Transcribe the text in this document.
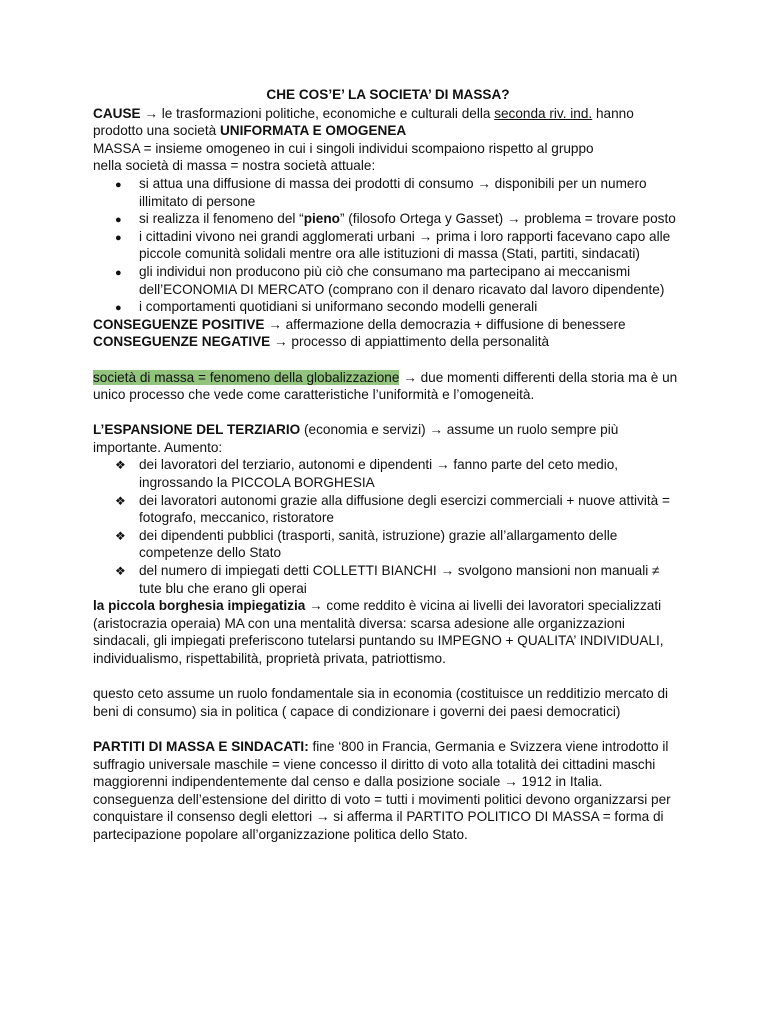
CHE COS’E’ LA SOCIETA’ DI MASSA?

CAUSE → le trasformazioni politiche, economiche e culturali della seconda riv. ind. hanno prodotto una società UNIFORMATA E OMOGENEA

MASSA = insieme omogeneo in cui i singoli individui scompaiono rispetto al gruppo

nella società di massa = nostra società attuale:

●
si attua una diffusione di massa dei prodotti di consumo → disponibili per un numero illimitato di persone
●
si realizza il fenomeno del “pieno” (filosofo Ortega y Gasset) → problema = trovare posto
●
i cittadini vivono nei grandi agglomerati urbani → prima i loro rapporti facevano capo alle piccole comunità solidali mentre ora alle istituzioni di massa (Stati, partiti, sindacati)
●
gli individui non producono più ciò che consumano ma partecipano ai meccanismi dell’ECONOMIA DI MERCATO (comprano con il denaro ricavato dal lavoro dipendente)
●
i comportamenti quotidiani si uniformano secondo modelli generali

CONSEGUENZE POSITIVE → affermazione della democrazia + diffusione di benessere

CONSEGUENZE NEGATIVE → processo di appiattimento della personalità

società di massa = fenomeno della globalizzazione → due momenti differenti della storia ma è un unico processo che vede come caratteristiche l’uniformità e l’omogeneità.

L’ESPANSIONE DEL TERZIARIO (economia e servizi) → assume un ruolo sempre più importante. Aumento:

❖
dei lavoratori del terziario, autonomi e dipendenti → fanno parte del ceto medio, ingrossando la PICCOLA BORGHESIA
❖
dei lavoratori autonomi grazie alla diffusione degli esercizi commerciali + nuove attività = fotografo, meccanico, ristoratore
❖
dei dipendenti pubblici (trasporti, sanità, istruzione) grazie all’allargamento delle competenze dello Stato
❖
del numero di impiegati detti COLLETTI BIANCHI → svolgono mansioni non manuali ≠ tute blu che erano gli operai

la piccola borghesia impiegatizia → come reddito è vicina ai livelli dei lavoratori specializzati (aristocrazia operaia) MA con una mentalità diversa: scarsa adesione alle organizzazioni sindacali, gli impiegati preferiscono tutelarsi puntando su IMPEGNO + QUALITA’ INDIVIDUALI, individualismo, rispettabilità, proprietà privata, patriottismo.

questo ceto assume un ruolo fondamentale sia in economia (costituisce un redditizio mercato di beni di consumo) sia in politica ( capace di condizionare i governi dei paesi democratici)

PARTITI DI MASSA E SINDACATI: fine ‘800 in Francia, Germania e Svizzera viene introdotto il suffragio universale maschile = viene concesso il diritto di voto alla totalità dei cittadini maschi maggiorenni indipendentemente dal censo e dalla posizione sociale → 1912 in Italia.

conseguenza dell’estensione del diritto di voto = tutti i movimenti politici devono organizzarsi per conquistare il consenso degli elettori → si afferma il PARTITO POLITICO DI MASSA = forma di partecipazione popolare all’organizzazione politica dello Stato.
